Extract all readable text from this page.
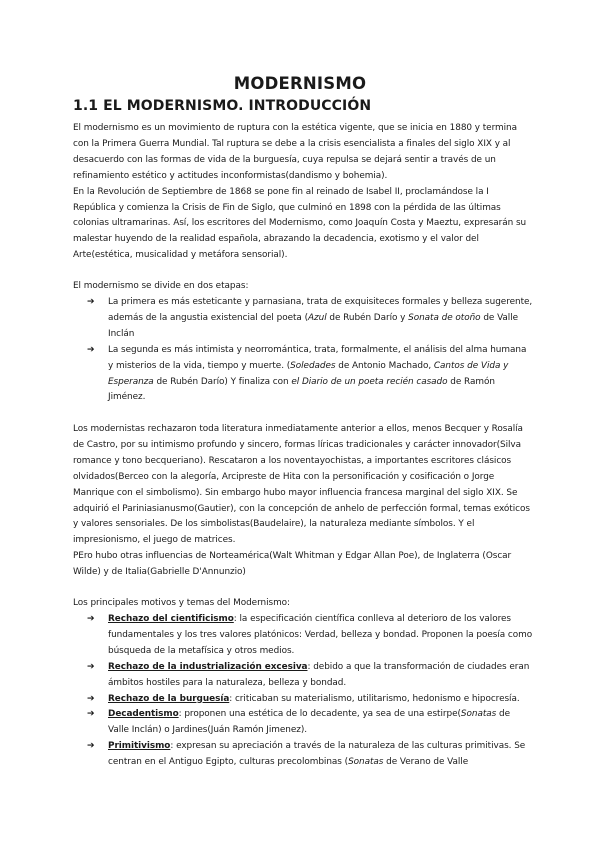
MODERNISMO
1.1 EL MODERNISMO. INTRODUCCIÓN

El modernismo es un movimiento de ruptura con la estética vigente, que se inicia en 1880 y termina con la Primera Guerra Mundial. Tal ruptura se debe a la crisis esencialista a finales del siglo XIX y al desacuerdo con las formas de vida de la burguesía, cuya repulsa se dejará sentir a través de un refinamiento estético y actitudes inconformistas(dandismo y bohemia).

En la Revolución de Septiembre de 1868 se pone fin al reinado de Isabel II, proclamándose la I República y comienza la Crisis de Fin de Siglo, que culminó en 1898 con la pérdida de las últimas colonias ultramarinas. Así, los escritores del Modernismo, como Joaquín Costa y Maeztu, expresarán su malestar huyendo de la realidad española, abrazando la decadencia, exotismo y el valor del Arte(estética, musicalidad y metáfora sensorial).

El modernismo se divide en dos etapas:
➔ La primera es más esteticante y parnasiana, trata de exquisiteces formales y belleza sugerente, además de la angustia existencial del poeta (Azul de Rubén Darío y Sonata de otoño de Valle Inclán
➔ La segunda es más intimista y neorromántica, trata, formalmente, el análisis del alma humana y misterios de la vida, tiempo y muerte. (Soledades de Antonio Machado, Cantos de Vida y Esperanza de Rubén Darío) Y finaliza con el Diario de un poeta recién casado de Ramón Jiménez.

Los modernistas rechazaron toda literatura inmediatamente anterior a ellos, menos Becquer y Rosalía de Castro, por su intimismo profundo y sincero, formas líricas tradicionales y carácter innovador(Silva romance y tono becqueriano). Rescataron a los noventayochistas, a importantes escritores clásicos olvidados(Berceo con la alegoría, Arcipreste de Hita con la personificación y cosificación o Jorge Manrique con el simbolismo). Sin embargo hubo mayor influencia francesa marginal del siglo XIX. Se adquirió el Pariniasianusmo(Gautier), con la concepción de anhelo de perfección formal, temas exóticos y valores sensoriales. De los simbolistas(Baudelaire), la naturaleza mediante símbolos. Y el impresionismo, el juego de matrices.

PEro hubo otras influencias de Norteamérica(Walt Whitman y Edgar Allan Poe), de Inglaterra (Oscar Wilde) y de Italia(Gabrielle D'Annunzio)

Los principales motivos y temas del Modernismo:
➔ Rechazo del cientificismo: la especificación científica conlleva al deterioro de los valores fundamentales y los tres valores platónicos: Verdad, belleza y bondad. Proponen la poesía como búsqueda de la metafísica y otros medios.
➔ Rechazo de la industrialización excesiva: debido a que la transformación de ciudades eran ámbitos hostiles para la naturaleza, belleza y bondad.
➔ Rechazo de la burguesía: criticaban su materialismo, utilitarismo, hedonismo e hipocresía.
➔ Decadentismo: proponen una estética de lo decadente, ya sea de una estirpe(Sonatas de Valle Inclán) o Jardines(Juán Ramón Jimenez).
➔ Primitivismo: expresan su apreciación a través de la naturaleza de las culturas primitivas. Se centran en el Antiguo Egipto, culturas precolombinas (Sonatas de Verano de Valle
